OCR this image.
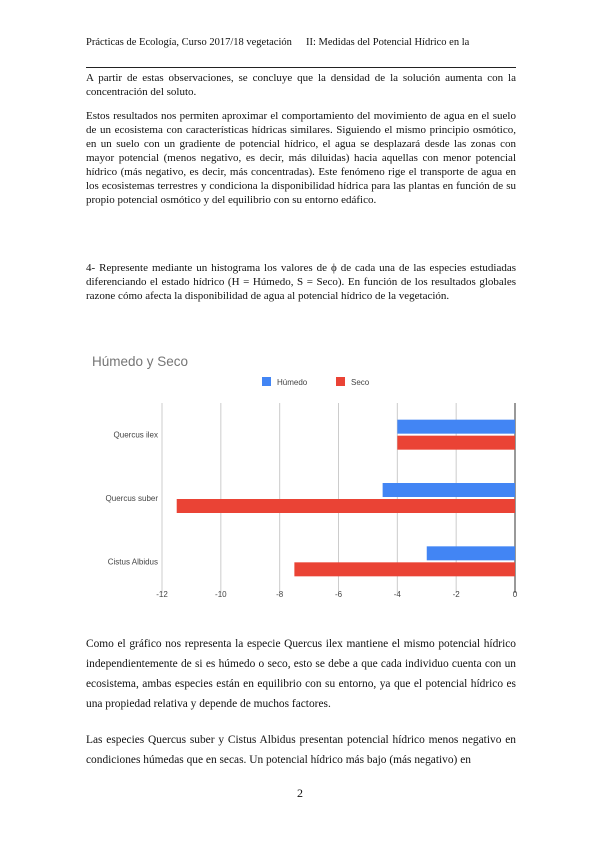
Prácticas de Ecología, Curso 2017/18 vegetación	II: Medidas del Potencial Hídrico en la

A partir de estas observaciones, se concluye que la densidad de la solución aumenta con la concentración del soluto.

Estos resultados nos permiten aproximar el comportamiento del movimiento de agua en el suelo de un ecosistema con características hídricas similares. Siguiendo el mismo principio osmótico, en un suelo con un gradiente de potencial hídrico, el agua se desplazará desde las zonas con mayor potencial (menos negativo, es decir, más diluidas) hacia aquellas con menor potencial hídrico (más negativo, es decir, más concentradas). Este fenómeno rige el transporte de agua en los ecosistemas terrestres y condiciona la disponibilidad hídrica para las plantas en función de su propio potencial osmótico y del equilibrio con su entorno edáfico.

4- Represente mediante un histograma los valores de ϕ de cada una de las especies estudiadas diferenciando el estado hídrico (H = Húmedo, S = Seco). En función de los resultados globales razone cómo afecta la disponibilidad de agua al potencial hídrico de la vegetación.

Húmedo y Seco
Húmedo	Seco
Quercus ilex
Quercus suber
Cistus Albidus
-12	-10	-8	-6	-4	-2	0

Como el gráfico nos representa la especie Quercus ilex mantiene el mismo potencial hídrico independientemente de si es húmedo o seco, esto se debe a que cada individuo cuenta con un ecosistema, ambas especies están en equilibrio con su entorno, ya que el potencial hídrico es una propiedad relativa y depende de muchos factores.

Las especies Quercus suber y Cistus Albidus presentan potencial hídrico menos negativo en condiciones húmedas que en secas. Un potencial hídrico más bajo (más negativo) en

2
